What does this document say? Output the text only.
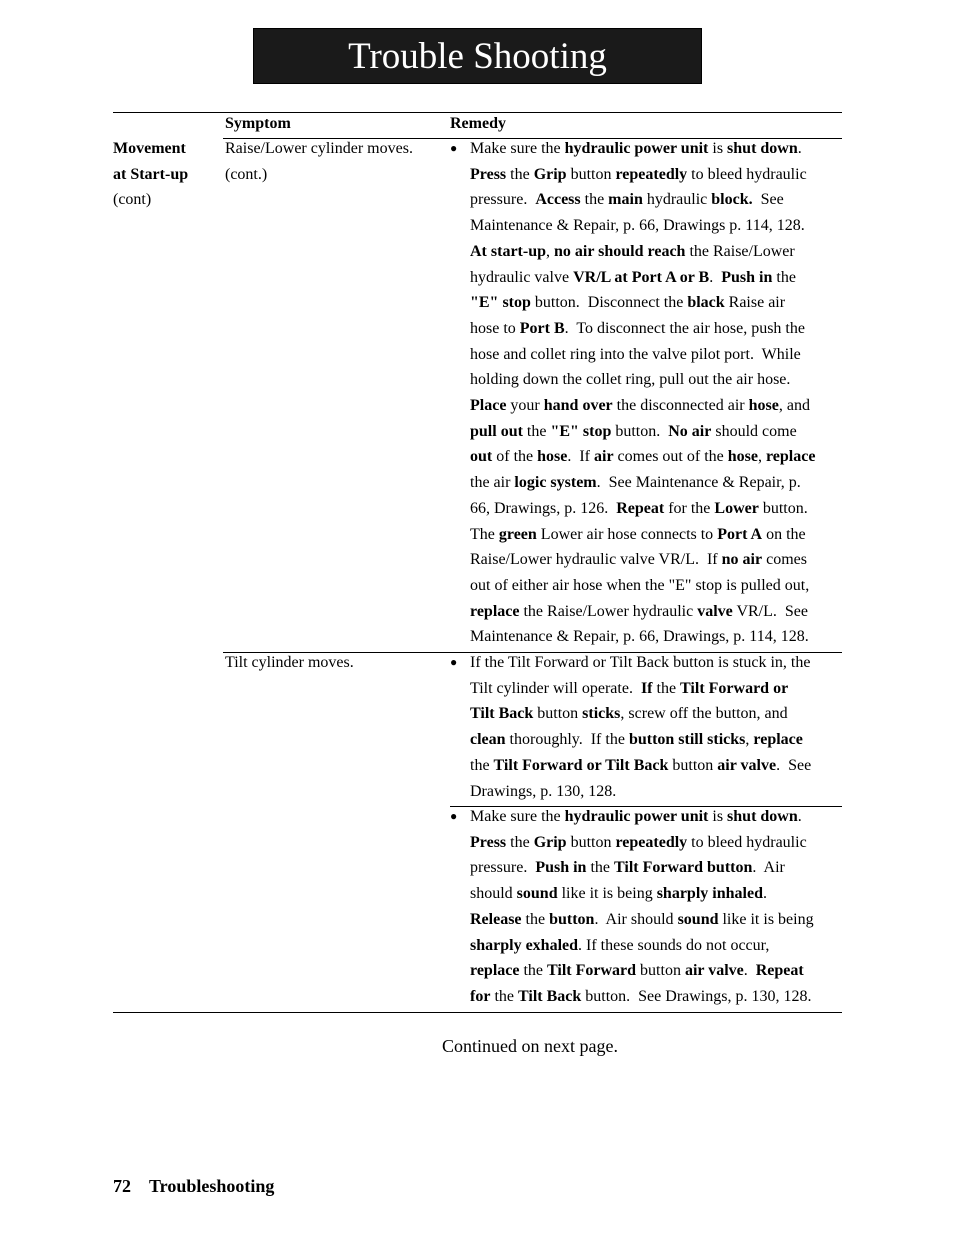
Trouble Shooting
Symptom	Remedy
Movement
at Start-up
(cont)
Raise/Lower cylinder moves.
(cont.)
● Make sure the hydraulic power unit is shut down.
Press the Grip button repeatedly to bleed hydraulic
pressure.  Access the main hydraulic block.  See
Maintenance & Repair, p. 66, Drawings p. 114, 128.
At start-up, no air should reach the Raise/Lower
hydraulic valve VR/L at Port A or B.  Push in the
"E" stop button.  Disconnect the black Raise air
hose to Port B.  To disconnect the air hose, push the
hose and collet ring into the valve pilot port.  While
holding down the collet ring, pull out the air hose.
Place your hand over the disconnected air hose, and
pull out the "E" stop button.  No air should come
out of the hose.  If air comes out of the hose, replace
the air logic system.  See Maintenance & Repair, p.
66, Drawings, p. 126.  Repeat for the Lower button.
The green Lower air hose connects to Port A on the
Raise/Lower hydraulic valve VR/L.  If no air comes
out of either air hose when the "E" stop is pulled out,
replace the Raise/Lower hydraulic valve VR/L.  See
Maintenance & Repair, p. 66, Drawings, p. 114, 128.
Tilt cylinder moves.	● If the Tilt Forward or Tilt Back button is stuck in, the
Tilt cylinder will operate.  If the Tilt Forward or
Tilt Back button sticks, screw off the button, and
clean thoroughly.  If the button still sticks, replace
the Tilt Forward or Tilt Back button air valve.  See
Drawings, p. 130, 128.
● Make sure the hydraulic power unit is shut down.
Press the Grip button repeatedly to bleed hydraulic
pressure.  Push in the Tilt Forward button.  Air
should sound like it is being sharply inhaled.
Release the button.  Air should sound like it is being
sharply exhaled. If these sounds do not occur,
replace the Tilt Forward button air valve.  Repeat
for the Tilt Back button.  See Drawings, p. 130, 128.
Continued on next page.
72 Troubleshooting
